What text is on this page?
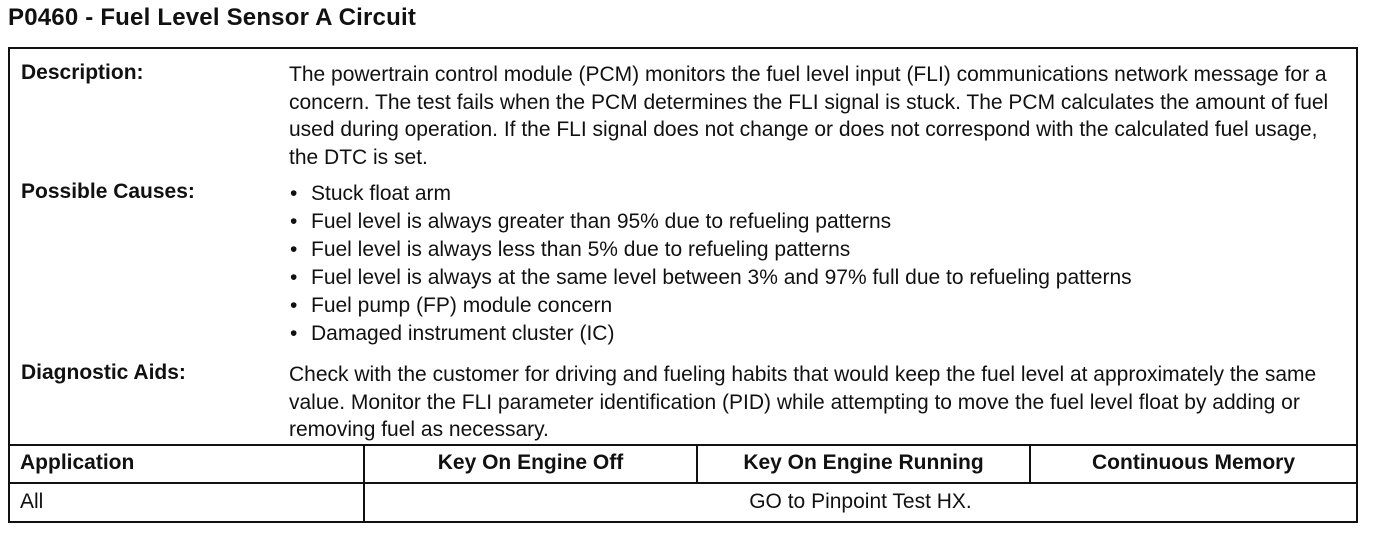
P0460 - Fuel Level Sensor A Circuit
Description:	The powertrain control module (PCM) monitors the fuel level input (FLI) communications network message for a concern. The test fails when the PCM determines the FLI signal is stuck. The PCM calculates the amount of fuel used during operation. If the FLI signal does not change or does not correspond with the calculated fuel usage, the DTC is set.

Possible Causes:	• Stuck float arm
• Fuel level is always greater than 95% due to refueling patterns
• Fuel level is always less than 5% due to refueling patterns
• Fuel level is always at the same level between 3% and 97% full due to refueling patterns
• Fuel pump (FP) module concern
• Damaged instrument cluster (IC)
Diagnostic Aids:	Check with the customer for driving and fueling habits that would keep the fuel level at approximately the same value. Monitor the FLI parameter identification (PID) while attempting to move the fuel level float by adding or removing fuel as necessary.

Application	Key On Engine Off	Key On Engine Running	Continuous Memory
All	GO to Pinpoint Test HX.
